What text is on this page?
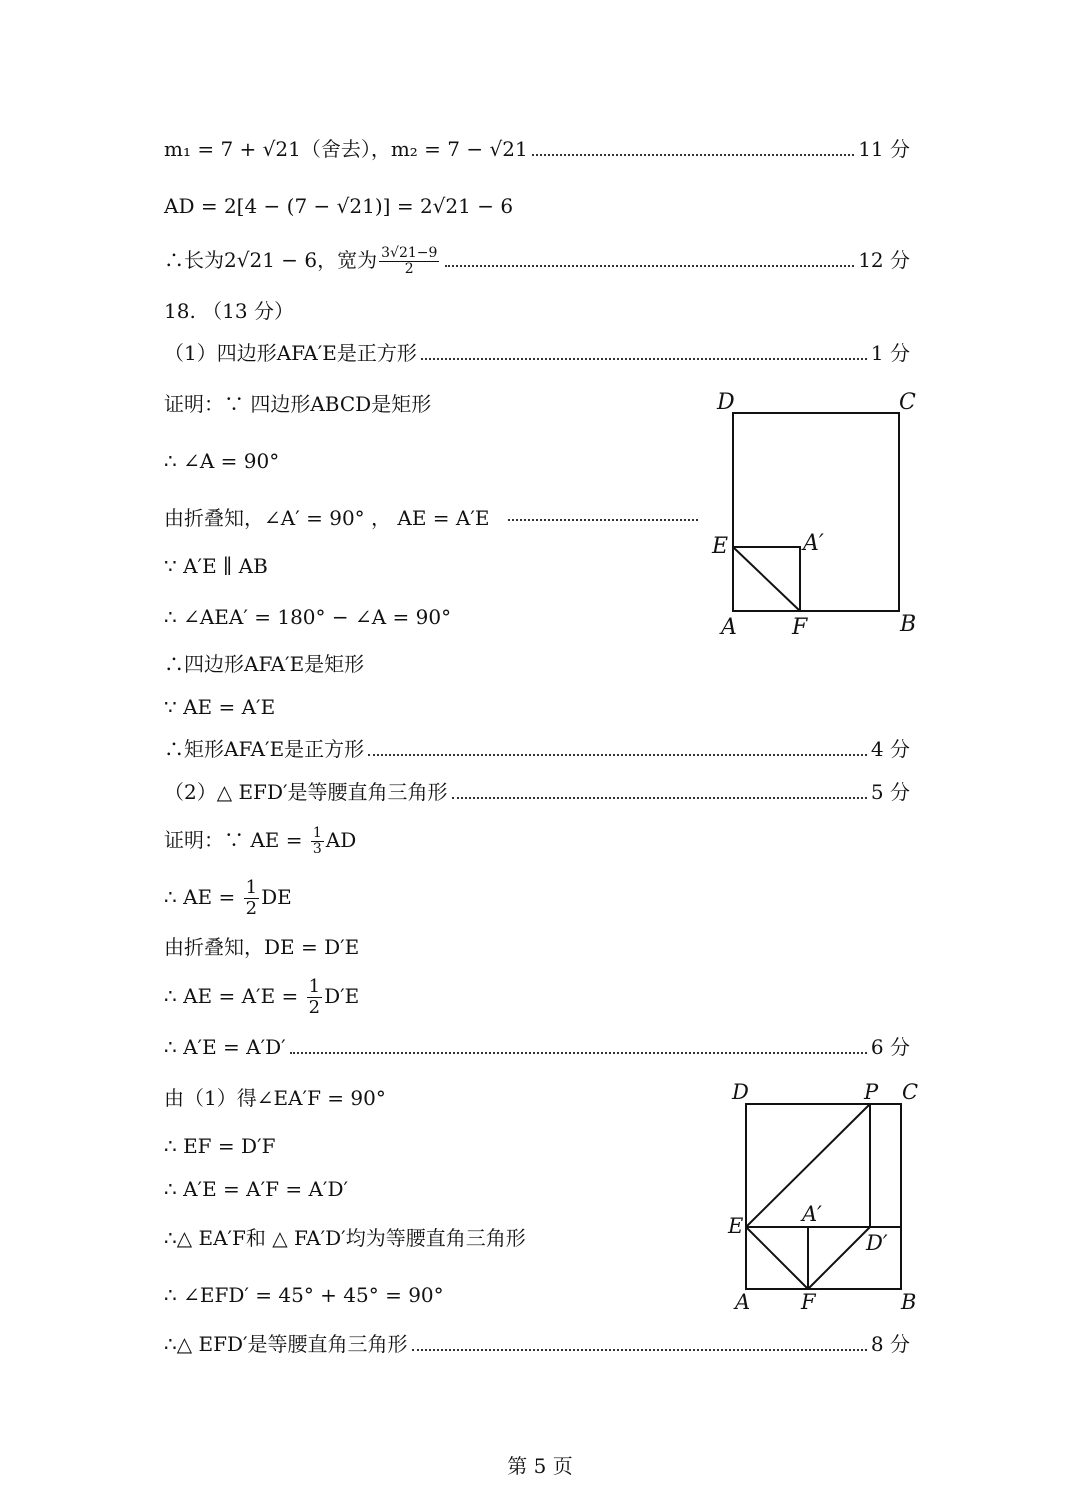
m₁ = 7 + √21（舍去），m₂ = 7 − √21	11 分
AD = 2[4 − (7 − √21)] = 2√21 − 6
∴长为2√21 − 6，宽为 $\frac{3√21-9}{2}$	12 分
18. （13 分）
（1）四边形AFA′E是正方形	1 分
证明：∵ 四边形ABCD是矩形
∴ ∠A = 90°
由折叠知，∠A′ = 90° ， AE = A′E
∵ A′E ∥ AB
∴ ∠AEA′ = 180° − ∠A = 90°
∴四边形AFA′E是矩形
∵ AE = A′E
∴矩形AFA′E是正方形	4 分
D	C
E	A′
A	F	B
（2）△ EFD′是等腰直角三角形	5 分
证明：∵ AE = $\frac{1}{3}$ AD
∴ AE = $\frac{1}{2}$ DE
由折叠知，DE = D′E
∴ AE = $A'E = \frac{1}{2} D'E$
∴ A′E = A′D′	6 分
由（1）得∠EA′F = 90°
∴ EF = D′F
∴ A′E = A′F = A′D′
∴△ EA′F和 △ FA′D′均为等腰直角三角形
∴ ∠EFD′ = 45° + 45° = 90°
∴△ EFD′是等腰直角三角形	8 分
D	P C
E	A′
D′
A F	B
第 5 页
